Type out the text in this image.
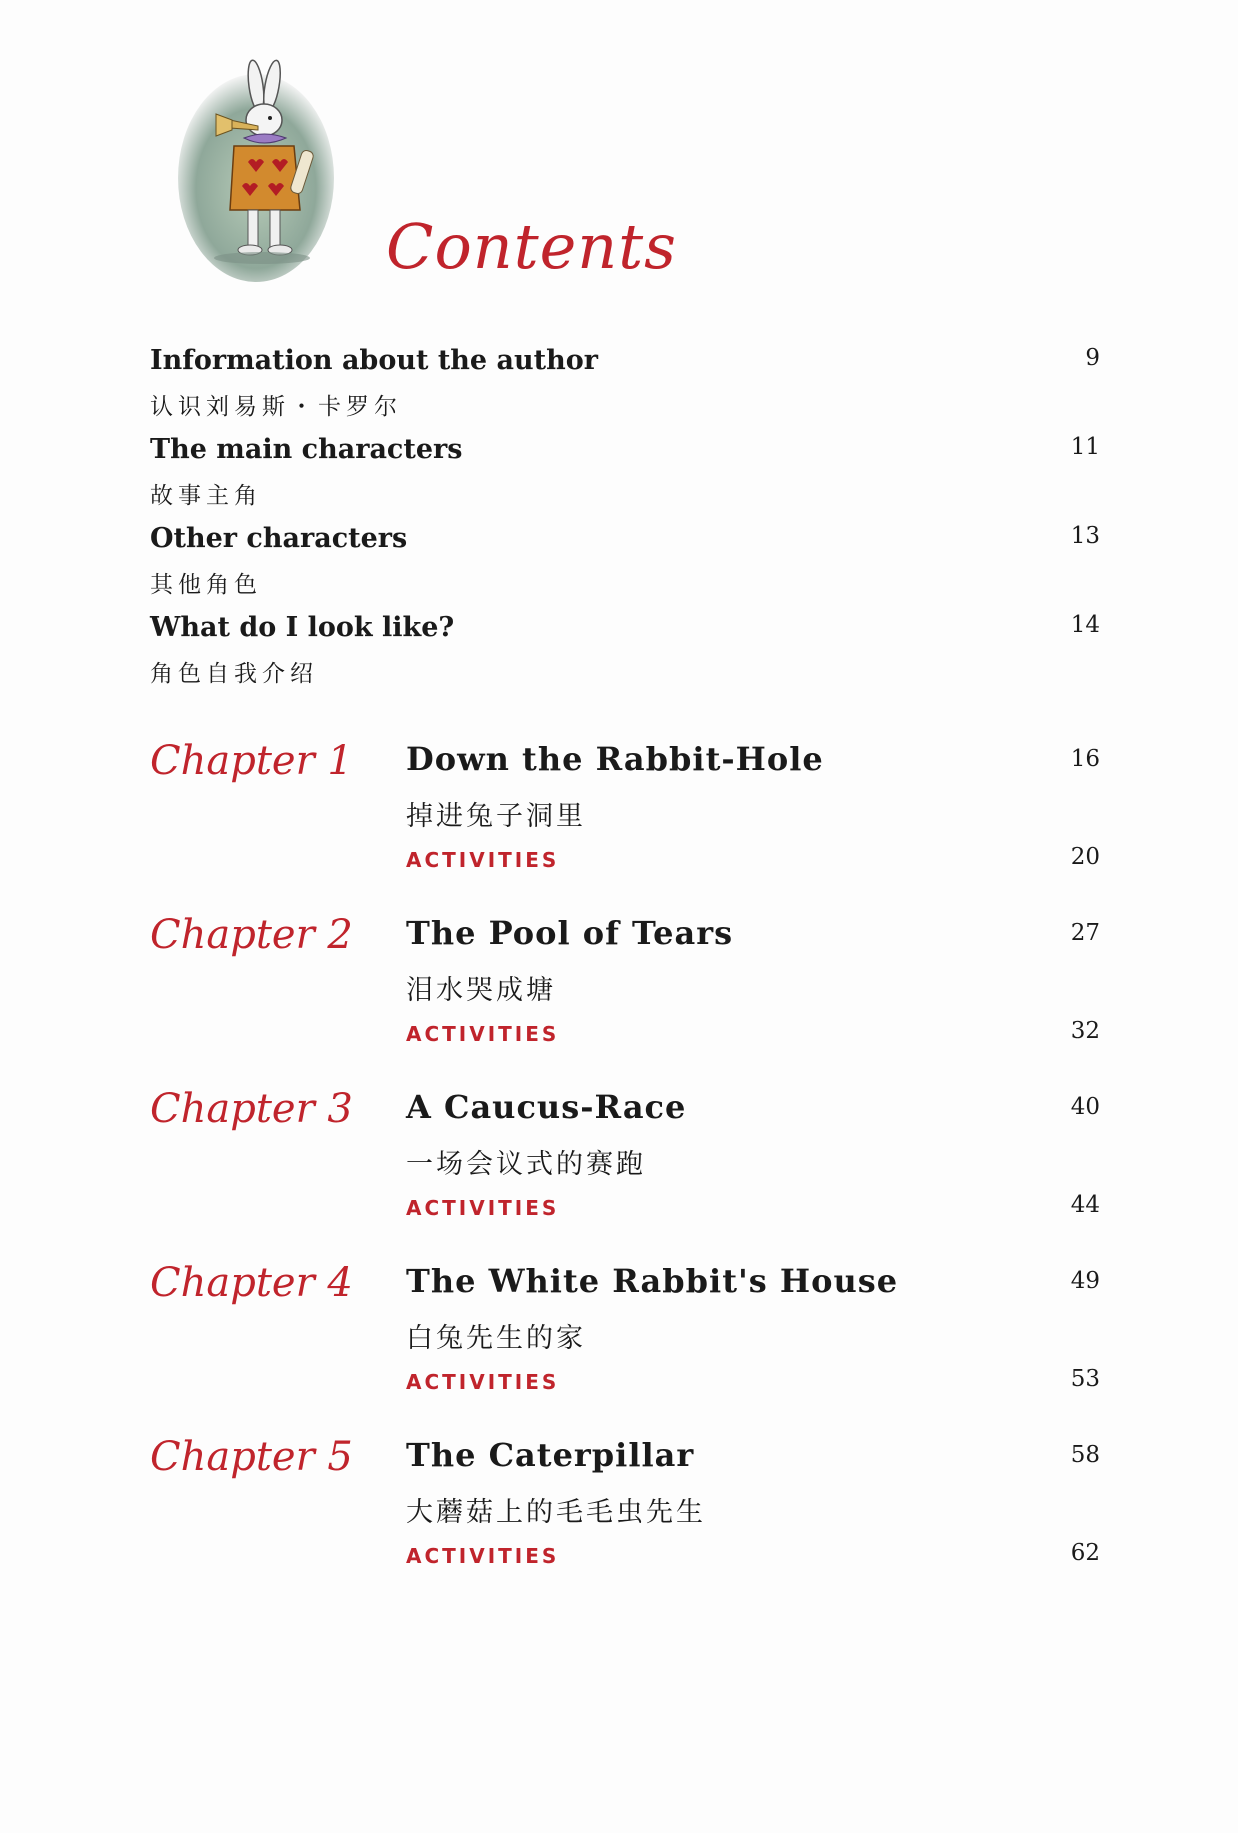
Contents
Information about the author
认识刘易斯・卡罗尔
9
The main characters
故事主角
11
Other characters
其他角色
13
What do I look like?
角色自我介绍
14
Chapter 1 Down the Rabbit-Hole
掉进兔子洞里
ACTIVITIES
16
20
Chapter 2 The Pool of Tears
泪水哭成塘
ACTIVITIES
27
32
Chapter 3 A Caucus-Race
一场会议式的赛跑
ACTIVITIES
40
44
Chapter 4 The White Rabbit's House
白兔先生的家
ACTIVITIES
49
53
Chapter 5 The Caterpillar
大蘑菇上的毛毛虫先生
ACTIVITIES
58
62
